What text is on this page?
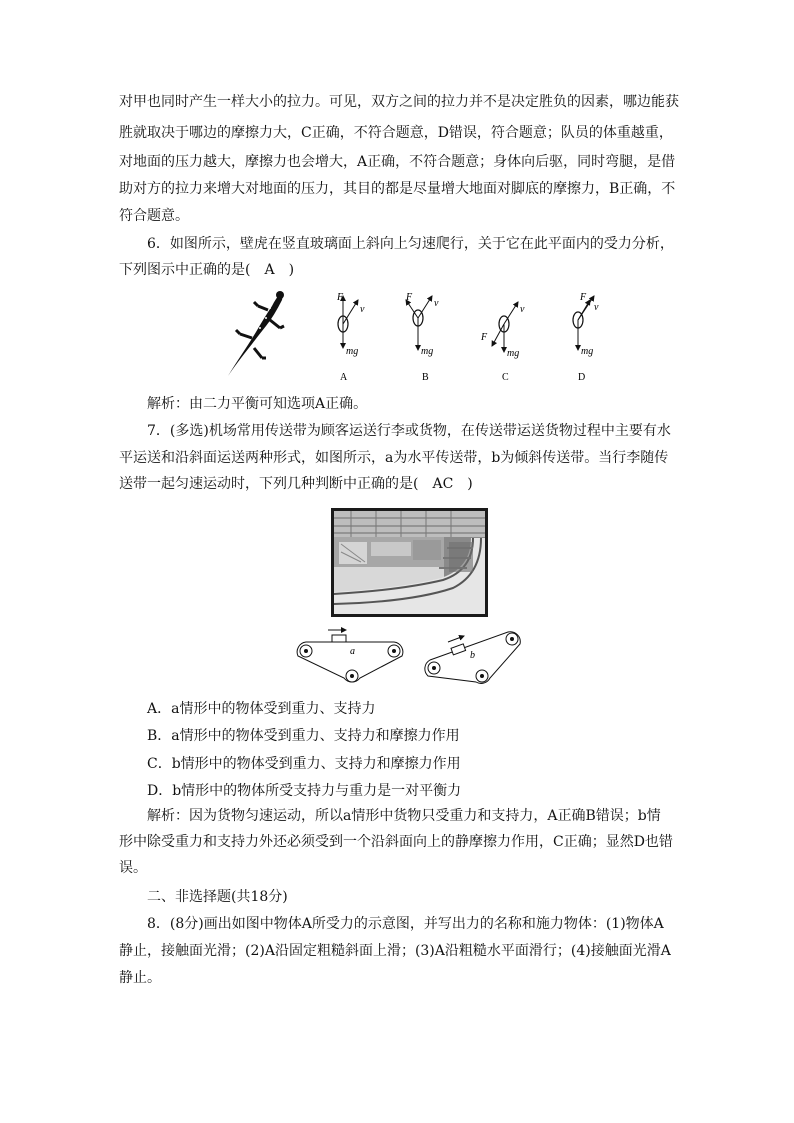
对甲也同时产生一样大小的拉力。可见，双方之间的拉力并不是决定胜负的因素，哪边能获
胜就取决于哪边的摩擦力大，C正确，不符合题意，D错误，符合题意；队员的体重越重，
对地面的压力越大，摩擦力也会增大，A正确，不符合题意；身体向后驱，同时弯腿，是借
助对方的拉力来增大对地面的压力，其目的都是尽量增大地面对脚底的摩擦力，B正确，不
符合题意。
6．如图所示，壁虎在竖直玻璃面上斜向上匀速爬行，关于它在此平面内的受力分析，
下列图示中正确的是(　A　)
F
v
mg
A
F
v
mg
B
F
v
mg
C
F
v
mg
D
解析：由二力平衡可知选项A正确。
7．(多选)机场常用传送带为顾客运送行李或货物，在传送带运送货物过程中主要有水
平运送和沿斜面运送两种形式，如图所示，a为水平传送带，b为倾斜传送带。当行李随传
送带一起匀速运动时，下列几种判断中正确的是(　AC　)
a	b
A．a情形中的物体受到重力、支持力
B．a情形中的物体受到重力、支持力和摩擦力作用
C．b情形中的物体受到重力、支持力和摩擦力作用
D．b情形中的物体所受支持力与重力是一对平衡力
解析：因为货物匀速运动，所以a情形中货物只受重力和支持力，A正确B错误；b情
形中除受重力和支持力外还必须受到一个沿斜面向上的静摩擦力作用，C正确；显然D也错
误。
二、非选择题(共18分)
8．(8分)画出如图中物体A所受力的示意图，并写出力的名称和施力物体：(1)物体A
静止，接触面光滑；(2)A沿固定粗糙斜面上滑；(3)A沿粗糙水平面滑行；(4)接触面光滑A
静止。
